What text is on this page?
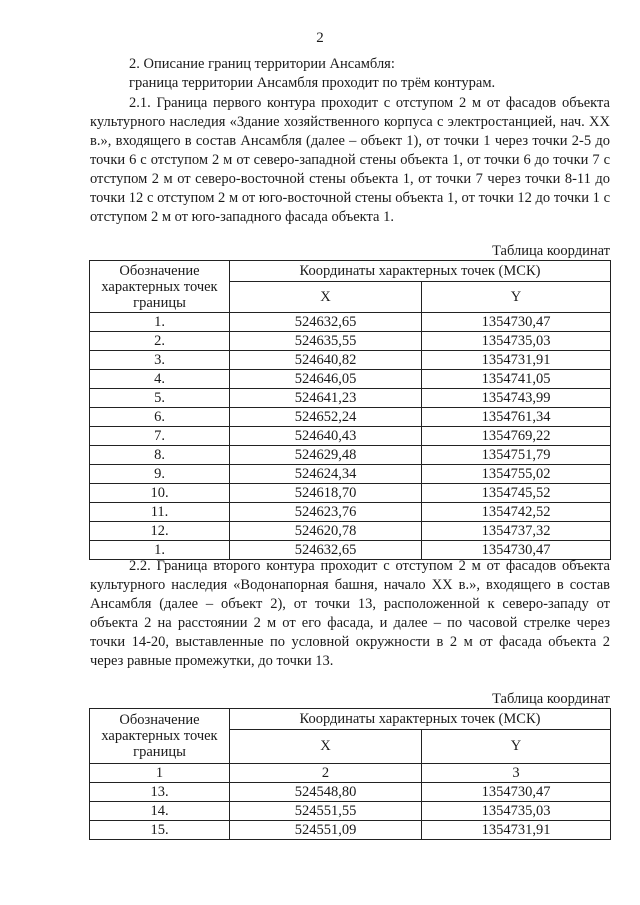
2

2. Описание границ территории Ансамбля:
граница территории Ансамбля проходит по трём контурам.

2.1. Граница первого контура проходит с отступом 2 м от фасадов объекта культурного наследия «Здание хозяйственного корпуса с электростанцией, нач. XX в.», входящего в состав Ансамбля (далее – объект 1), от точки 1 через точки 2-5 до точки 6 с отступом 2 м от северо-западной стены объекта 1, от точки 6 до точки 7 с отступом 2 м от северо-восточной стены объекта 1, от точки 7 через точки 8-11 до точки 12 с отступом 2 м от юго-восточной стены объекта 1, от точки 12 до точки 1 с отступом 2 м от юго-западного фасада объекта 1.

Таблица координат
Обозначение характерных точек границы	Координаты характерных точек (МСК)	
	X	Y
1.	524632,65	1354730,47
2.	524635,55	1354735,03
3.	524640,82	1354731,91
4.	524646,05	1354741,05
5.	524641,23	1354743,99
6.	524652,24	1354761,34
7.	524640,43	1354769,22
8.	524629,48	1354751,79
9.	524624,34	1354755,02
10.	524618,70	1354745,52
11.	524623,76	1354742,52
12.	524620,78	1354737,32
1.	524632,65	1354730,47

2.2. Граница второго контура проходит с отступом 2 м от фасадов объекта культурного наследия «Водонапорная башня, начало XX в.», входящего в состав Ансамбля (далее – объект 2), от точки 13, расположенной к северо-западу от объекта 2 на расстоянии 2 м от его фасада, и далее – по часовой стрелке через точки 14-20, выставленные по условной окружности в 2 м от фасада объекта 2 через равные промежутки, до точки 13.

Таблица координат
Обозначение характерных точек границы	Координаты характерных точек (МСК)	
	X	Y
1	2	3
13.	524548,80	1354730,47
14.	524551,55	1354735,03
15.	524551,09	1354731,91
